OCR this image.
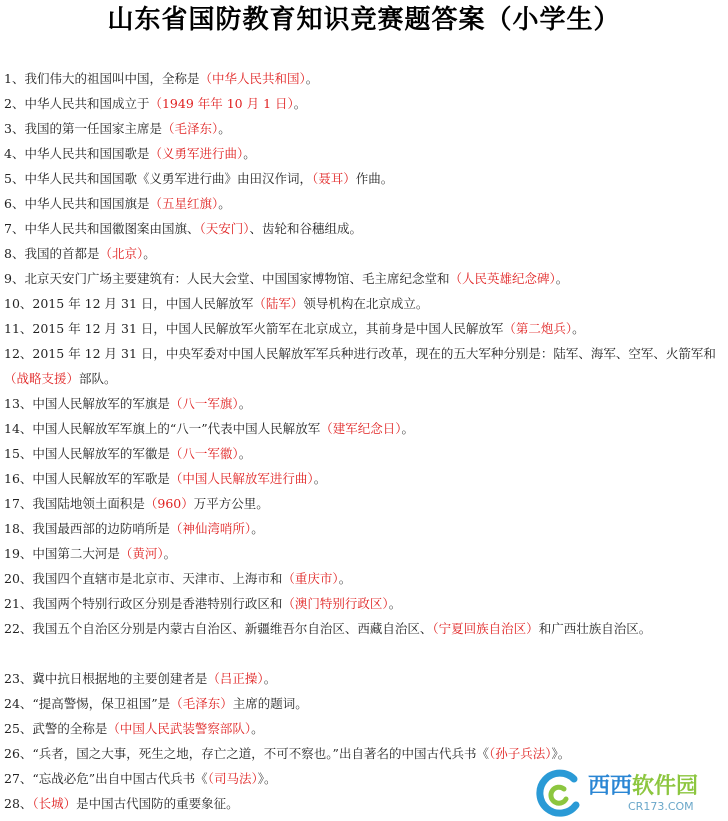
山东省国防教育知识竞赛题答案（小学生）
1、我们伟大的祖国叫中国，全称是（中华人民共和国）。
2、中华人民共和国成立于（1949 年年 10 月 1 日）。
3、我国的第一任国家主席是（毛泽东）。
4、中华人民共和国国歌是（义勇军进行曲）。
5、中华人民共和国国歌《义勇军进行曲》由田汉作词，（聂耳）作曲。
6、中华人民共和国国旗是（五星红旗）。
7、中华人民共和国徽图案由国旗、（天安门）、齿轮和谷穗组成。
8、我国的首都是（北京）。
9、北京天安门广场主要建筑有：人民大会堂、中国国家博物馆、毛主席纪念堂和（人民英雄纪念碑）。
10、2015 年 12 月 31 日，中国人民解放军（陆军）领导机构在北京成立。
11、2015 年 12 月 31 日，中国人民解放军火箭军在北京成立，其前身是中国人民解放军（第二炮兵）。
12、2015 年 12 月 31 日，中央军委对中国人民解放军军兵种进行改革，现在的五大军种分别是：陆军、海军、空军、火箭军和（战略支援）部队。
13、中国人民解放军的军旗是（八一军旗）。
14、中国人民解放军军旗上的“八一”代表中国人民解放军（建军纪念日）。
15、中国人民解放军的军徽是（八一军徽）。
16、中国人民解放军的军歌是（中国人民解放军进行曲）。
17、我国陆地领土面积是（960）万平方公里。
18、我国最西部的边防哨所是（神仙湾哨所）。
19、中国第二大河是（黄河）。
20、我国四个直辖市是北京市、天津市、上海市和（重庆市）。
21、我国两个特别行政区分别是香港特别行政区和（澳门特别行政区）。
22、我国五个自治区分别是内蒙古自治区、新疆维吾尔自治区、西藏自治区、（宁夏回族自治区）和广西壮族自治区。
23、冀中抗日根据地的主要创建者是（吕正操）。
24、“提高警惕，保卫祖国”是（毛泽东）主席的题词。
25、武警的全称是（中国人民武装警察部队）。
26、“兵者，国之大事，死生之地，存亡之道，不可不察也。”出自著名的中国古代兵书《（孙子兵法）》。
27、“忘战必危”出自中国古代兵书《（司马法）》。
28、（长城）是中国古代国防的重要象征。
西西软件园
CR173.COM
